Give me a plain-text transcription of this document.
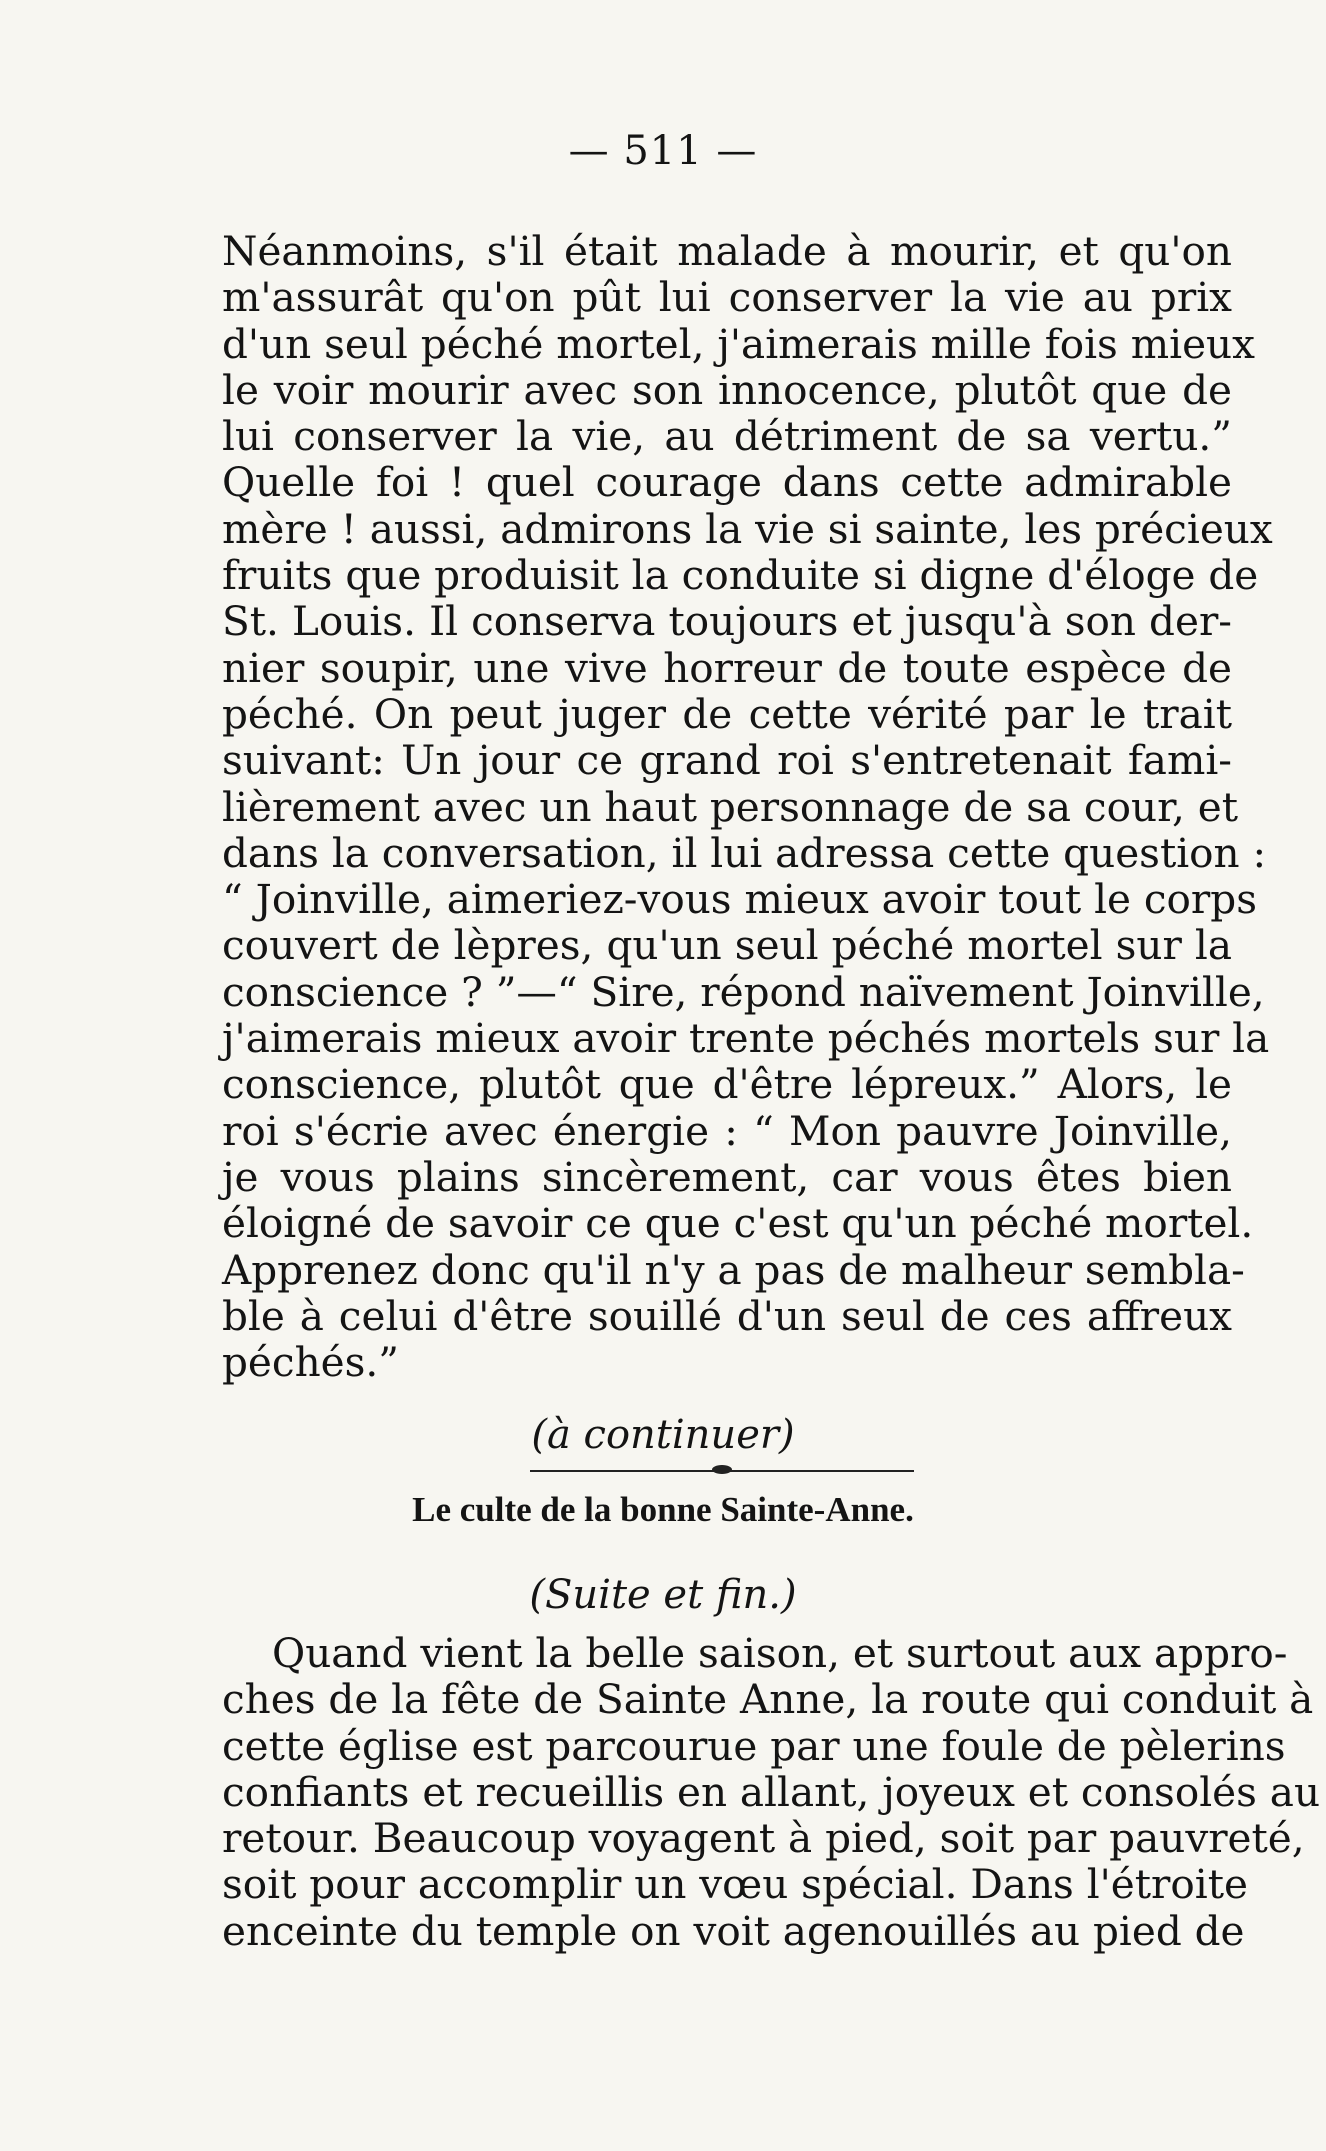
— 511 —
Néanmoins, s'il était malade à mourir, et qu'on
m'assurât qu'on pût lui conserver la vie au prix
d'un seul péché mortel, j'aimerais mille fois mieux
le voir mourir avec son innocence, plutôt que de
lui conserver la vie, au détriment de sa vertu.”
Quelle foi ! quel courage dans cette admirable
mère ! aussi, admirons la vie si sainte, les précieux
fruits que produisit la conduite si digne d'éloge de
St. Louis. Il conserva toujours et jusqu'à son der-
nier soupir, une vive horreur de toute espèce de
péché. On peut juger de cette vérité par le trait
suivant: Un jour ce grand roi s'entretenait fami-
lièrement avec un haut personnage de sa cour, et
dans la conversation, il lui adressa cette question :
“ Joinville, aimeriez-vous mieux avoir tout le corps
couvert de lèpres, qu'un seul péché mortel sur la
conscience ? ”—“ Sire, répond naïvement Joinville,
j'aimerais mieux avoir trente péchés mortels sur la
conscience, plutôt que d'être lépreux.” Alors, le
roi s'écrie avec énergie : “ Mon pauvre Joinville,
je vous plains sincèrement, car vous êtes bien
éloigné de savoir ce que c'est qu'un péché mortel.
Apprenez donc qu'il n'y a pas de malheur sembla-
ble à celui d'être souillé d'un seul de ces affreux
péchés.”
(à continuer)
Le culte de la bonne Sainte-Anne.
(Suite et fin.)
Quand vient la belle saison, et surtout aux appro-
ches de la fête de Sainte Anne, la route qui conduit à
cette église est parcourue par une foule de pèlerins
confiants et recueillis en allant, joyeux et consolés au
retour. Beaucoup voyagent à pied, soit par pauvreté,
soit pour accomplir un vœu spécial. Dans l'étroite
enceinte du temple on voit agenouillés au pied de
